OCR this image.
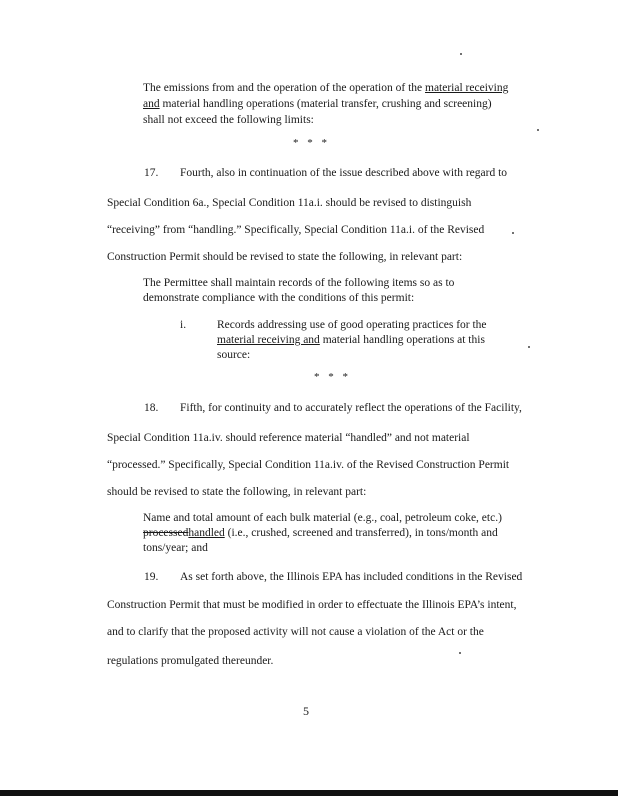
The emissions from and the operation of the operation of the material receiving and material handling operations (material transfer, crushing and screening) shall not exceed the following limits:
* * *
17. Fourth, also in continuation of the issue described above with regard to
Special Condition 6a., Special Condition 11a.i. should be revised to distinguish
“receiving” from “handling.” Specifically, Special Condition 11a.i. of the Revised
Construction Permit should be revised to state the following, in relevant part:
The Permittee shall maintain records of the following items so as to demonstrate compliance with the conditions of this permit:
i.	Records addressing use of good operating practices for the material receiving and material handling operations at this source:
* * *
18. Fifth, for continuity and to accurately reflect the operations of the Facility,
Special Condition 11a.iv. should reference material “handled” and not material
“processed.” Specifically, Special Condition 11a.iv. of the Revised Construction Permit
should be revised to state the following, in relevant part:
Name and total amount of each bulk material (e.g., coal, petroleum coke, etc.) processedhandled (i.e., crushed, screened and transferred), in tons/month and tons/year; and
19. As set forth above, the Illinois EPA has included conditions in the Revised
Construction Permit that must be modified in order to effectuate the Illinois EPA’s intent,
and to clarify that the proposed activity will not cause a violation of the Act or the
regulations promulgated thereunder.
5
